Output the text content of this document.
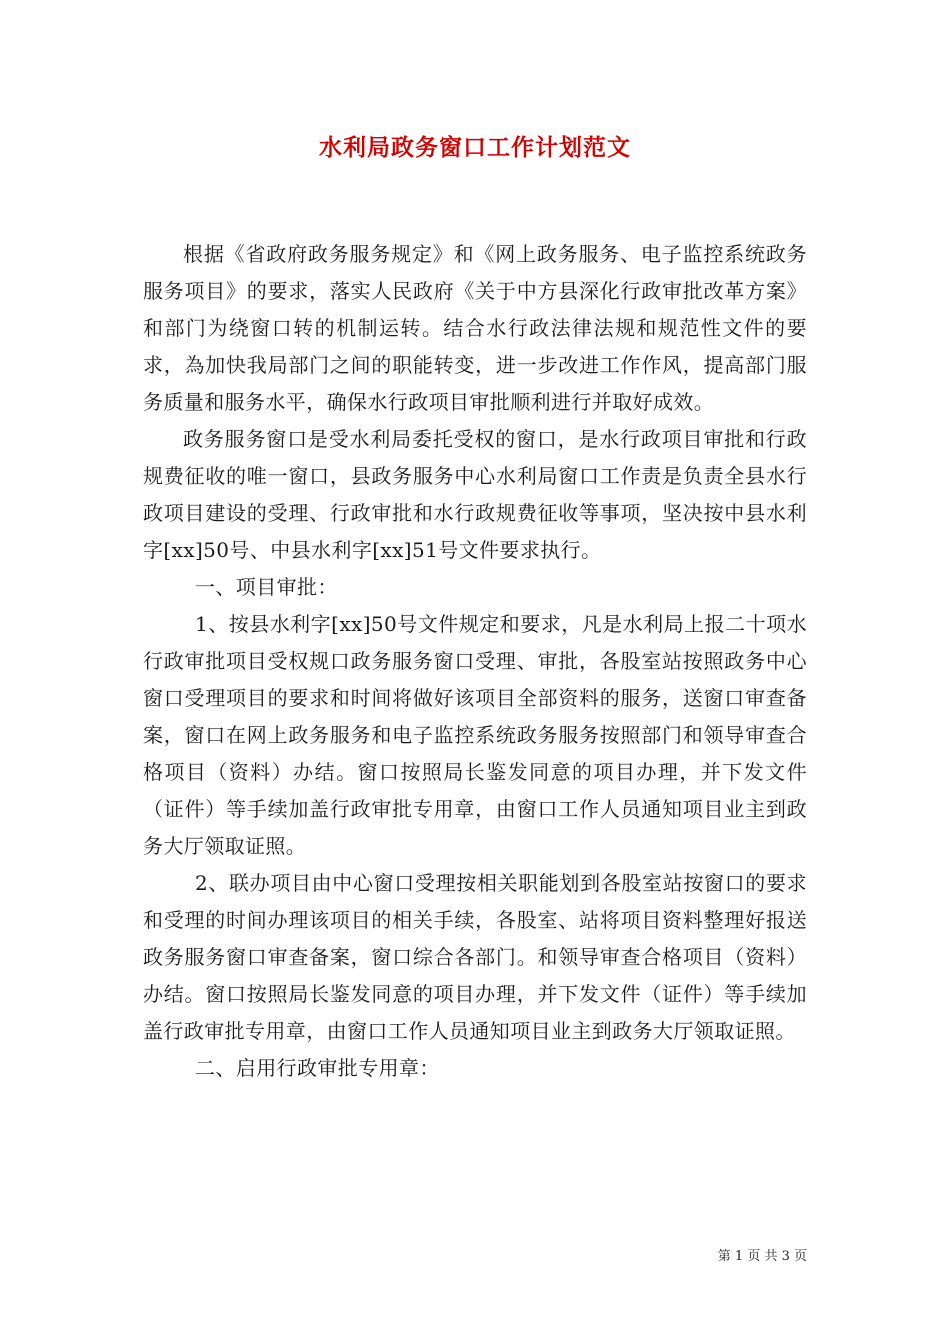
水利局政务窗口工作计划范文

根据《省政府政务服务规定》和《网上政务服务、电子监控系统政务服务项目》的要求，落实人民政府《关于中方县深化行政审批改革方案》和部门为绕窗口转的机制运转。结合水行政法律法规和规范性文件的要求，為加快我局部门之间的职能转变，进一步改进工作作风，提高部门服务质量和服务水平，确保水行政项目审批顺利进行并取好成效。

政务服务窗口是受水利局委托受权的窗口，是水行政项目审批和行政规费征收的唯一窗口，县政务服务中心水利局窗口工作责是负责全县水行政项目建设的受理、行政审批和水行政规费征收等事项，坚决按中县水利字[xx]50号、中县水利字[xx]51号文件要求执行。

一、项目审批：

1、按县水利字[xx]50号文件规定和要求，凡是水利局上报二十项水行政审批项目受权规口政务服务窗口受理、审批，各股室站按照政务中心窗口受理项目的要求和时间将做好该项目全部资料的服务，送窗口审查备案，窗口在网上政务服务和电子监控系统政务服务按照部门和领导审查合格项目（资料）办结。窗口按照局长鉴发同意的项目办理，并下发文件（证件）等手续加盖行政审批专用章，由窗口工作人员通知项目业主到政务大厅领取证照。

2、联办项目由中心窗口受理按相关职能划到各股室站按窗口的要求和受理的时间办理该项目的相关手续，各股室、站将项目资料整理好报送政务服务窗口审查备案，窗口综合各部门。和领导审查合格项目（资料）办结。窗口按照局长鉴发同意的项目办理，并下发文件（证件）等手续加盖行政审批专用章，由窗口工作人员通知项目业主到政务大厅领取证照。

二、启用行政审批专用章：

第 1 页 共 3 页
